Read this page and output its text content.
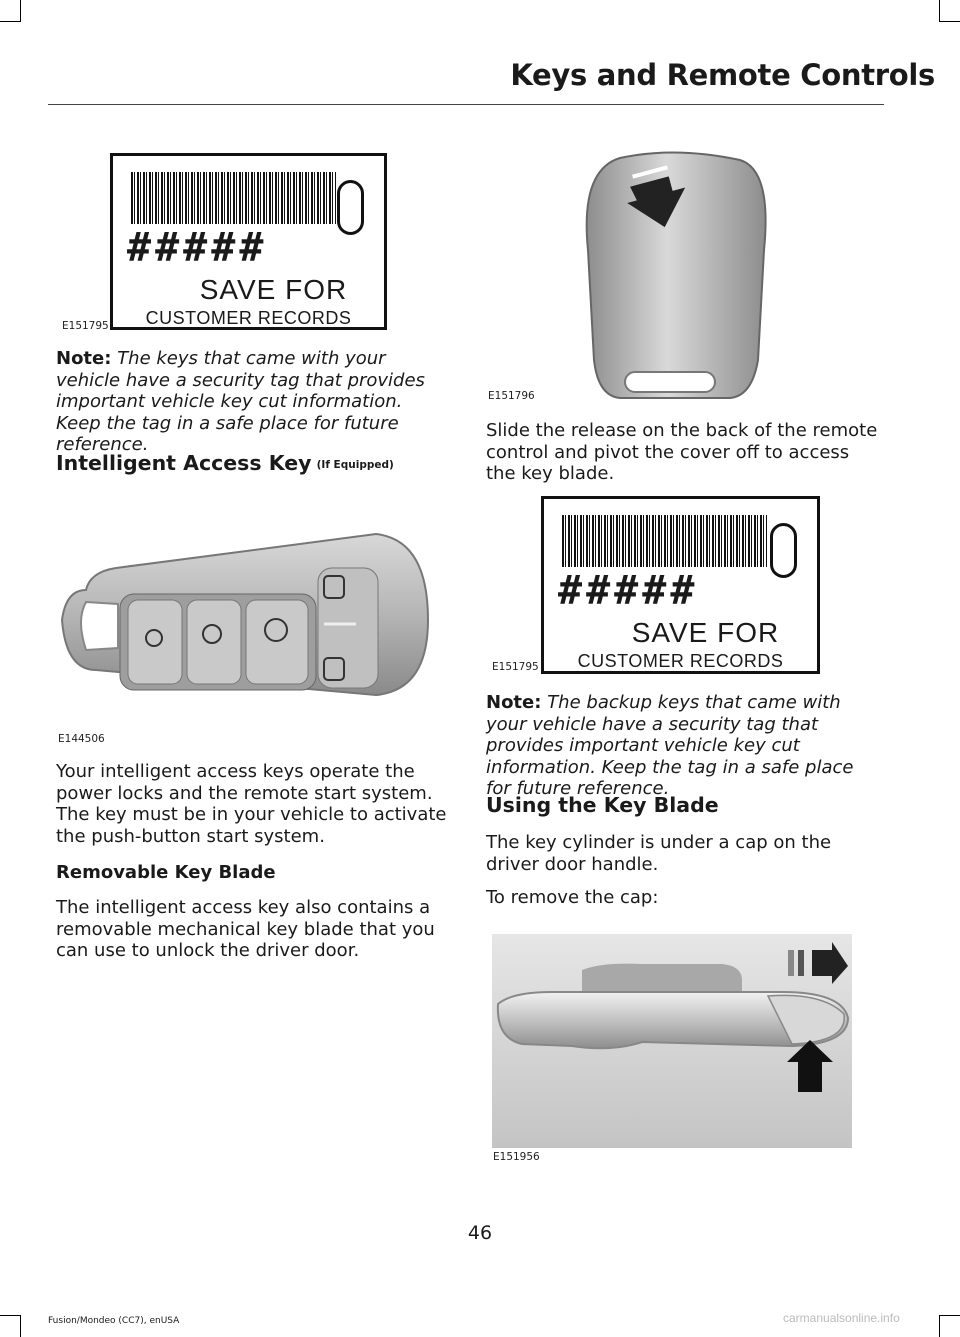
Keys and Remote Controls
#####
SAVE FOR
CUSTOMER RECORDS
E151795
Note: The keys that came with your vehicle have a security tag that provides important vehicle key cut information. Keep the tag in a safe place for future reference.
Intelligent Access Key (If Equipped)
E144506
Your intelligent access keys operate the power locks and the remote start system. The key must be in your vehicle to activate the push-button start system.
Removable Key Blade
The intelligent access key also contains a removable mechanical key blade that you can use to unlock the driver door.
E151796
Slide the release on the back of the remote control and pivot the cover off to access the key blade.
#####
SAVE FOR
CUSTOMER RECORDS
E151795
Note: The backup keys that came with your vehicle have a security tag that provides important vehicle key cut information. Keep the tag in a safe place for future reference.
Using the Key Blade
The key cylinder is under a cap on the driver door handle.
To remove the cap:
E151956
46
Fusion/Mondeo (CC7), enUSA	carmanualsonline.info
